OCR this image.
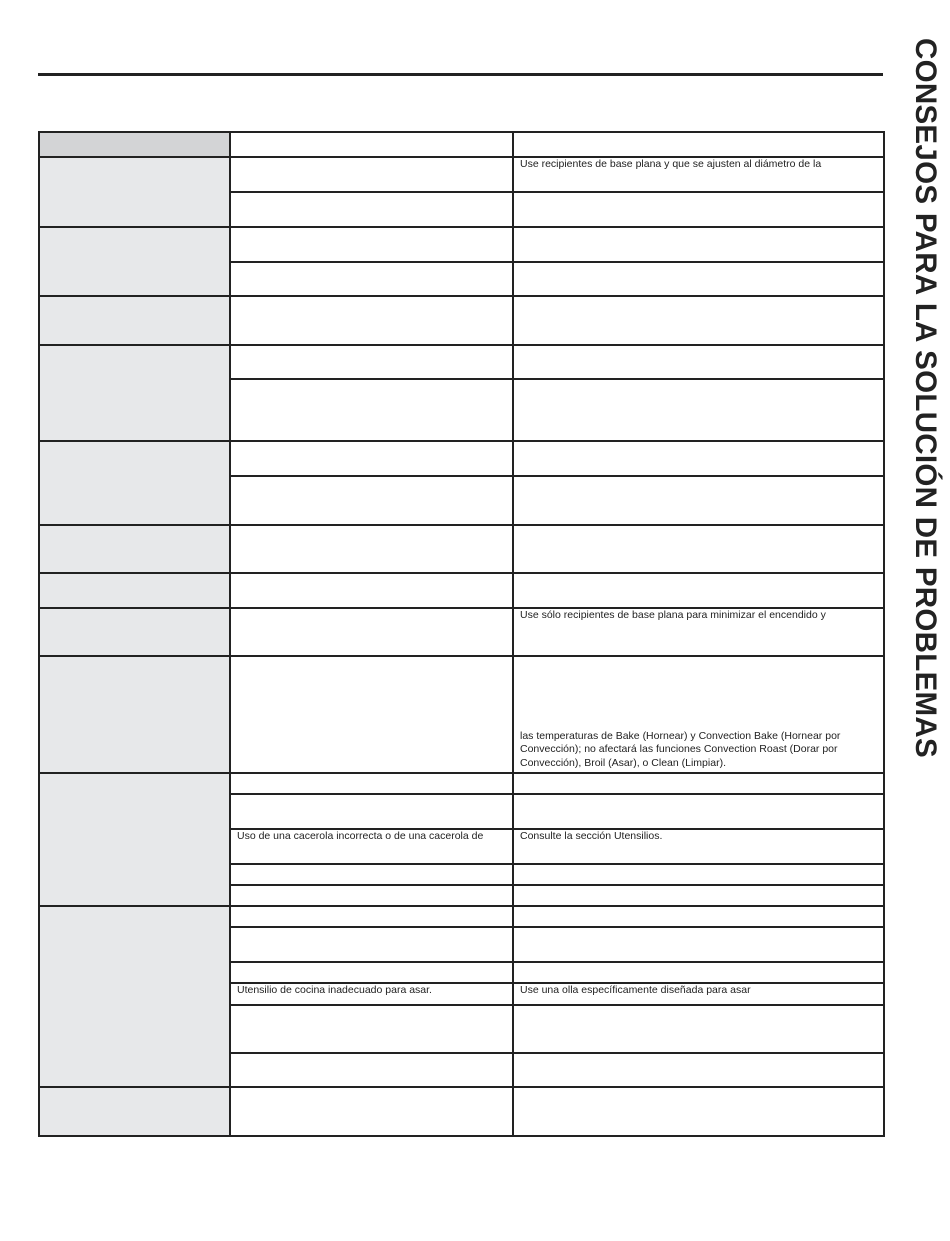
CONSEJOS PARA LA SOLUCIÓN DE PROBLEMAS

		Use recipientes de base plana y que se ajusten al diámetro de la

		Use sólo recipientes de base plana para minimizar el encendido y
		las temperaturas de Bake (Hornear) y Convection Bake (Hornear por Convección); no afectará las funciones Convection Roast (Dorar por Convección), Broil (Asar), o Clean (Limpiar).

	Uso de una cacerola incorrecta o de una cacerola de	Consulte la sección Utensilios.

	Utensilio de cocina inadecuado para asar.	Use una olla específicamente diseñada para asar
